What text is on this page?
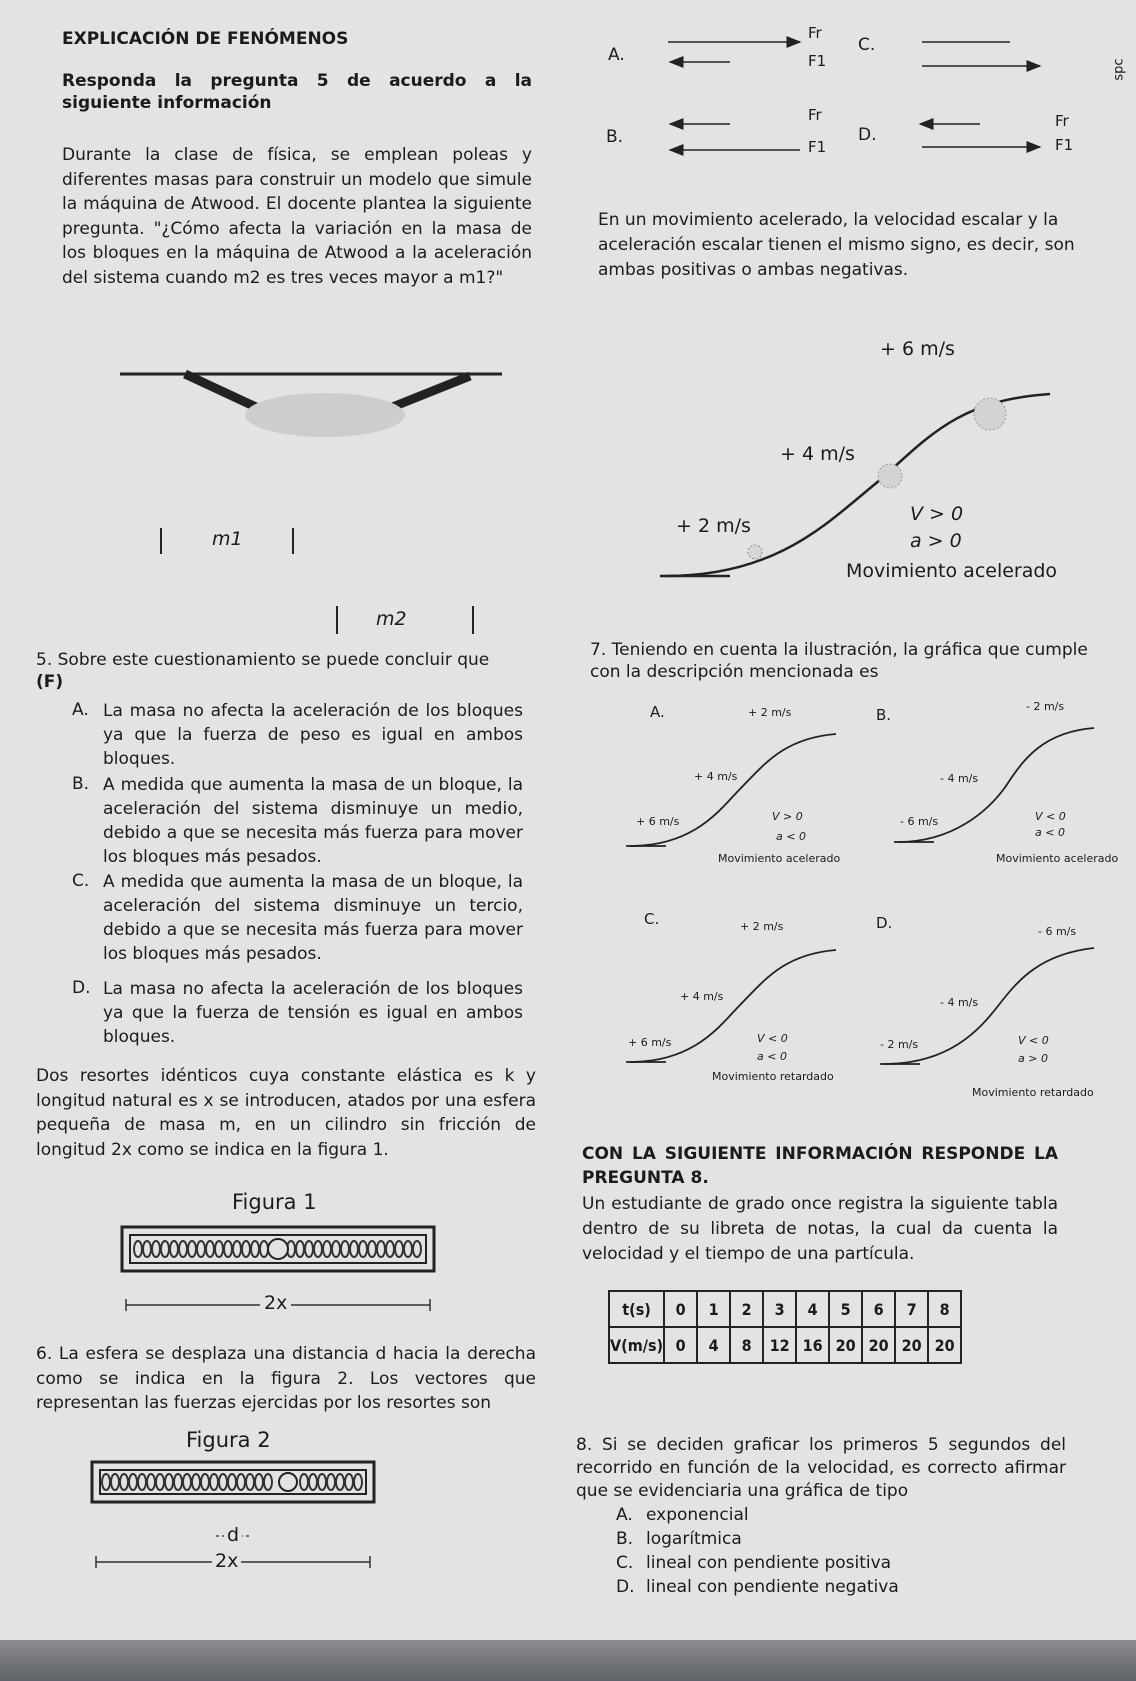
EXPLICACIÓN DE FENÓMENOS
Responda la pregunta 5 de acuerdo a la siguiente información
Durante la clase de física, se emplean poleas y diferentes masas para construir un modelo que simule la máquina de Atwood. El docente plantea la siguiente pregunta. "¿Cómo afecta la variación en la masa de los bloques en la máquina de Atwood a la aceleración del sistema cuando m2 es tres veces mayor a m1?"
m1
m2
5. Sobre este cuestionamiento se puede concluir que
(F)
A. La masa no afecta la aceleración de los bloques ya que la fuerza de peso es igual en ambos bloques.
B. A medida que aumenta la masa de un bloque, la aceleración del sistema disminuye un medio, debido a que se necesita más fuerza para mover los bloques más pesados.
C. A medida que aumenta la masa de un bloque, la aceleración del sistema disminuye un tercio, debido a que se necesita más fuerza para mover los bloques más pesados.
D. La masa no afecta la aceleración de los bloques ya que la fuerza de tensión es igual en ambos bloques.
Dos resortes idénticos cuya constante elástica es k y longitud natural es x se introducen, atados por una esfera pequeña de masa m, en un cilindro sin fricción de longitud 2x como se indica en la figura 1.
Figura 1
2x
6. La esfera se desplaza una distancia d hacia la derecha como se indica en la figura 2. Los vectores que representan las fuerzas ejercidas por los resortes son
Figura 2
d
2x
A.	C.
B.	D.
Fr
F1
Fr
F1
Fr
F1
spc
En un movimiento acelerado, la velocidad escalar y la aceleración escalar tienen el mismo signo, es decir, son ambas positivas o ambas negativas.
+ 6 m/s
+ 4 m/s
+ 2 m/s
V > 0
a > 0
Movimiento acelerado
7. Teniendo en cuenta la ilustración, la gráfica que cumple con la descripción mencionada es
A.	+ 2 m/s
+ 4 m/s
+ 6 m/s	V > 0
a < 0
Movimiento acelerado
B.	- 2 m/s
- 4 m/s
- 6 m/s	V < 0
a < 0
Movimiento acelerado
C.	+ 2 m/s
+ 4 m/s
+ 6 m/s	V < 0
a < 0
Movimiento retardado
D.	- 6 m/s
- 4 m/s
- 2 m/s	V < 0
a > 0
Movimiento retardado
CON LA SIGUIENTE INFORMACIÓN RESPONDE LA PREGUNTA 8.
Un estudiante de grado once registra la siguiente tabla dentro de su libreta de notas, la cual da cuenta la velocidad y el tiempo de una partícula.
t(s)	0	1	2	3	4	5	6	7	8
V(m/s)	0	4	8	12	16	20	20	20	20
8. Si se deciden graficar los primeros 5 segundos del recorrido en función de la velocidad, es correcto afirmar que se evidenciaria una gráfica de tipo
A. exponencial
B. logarítmica
C. lineal con pendiente positiva
D. lineal con pendiente negativa
